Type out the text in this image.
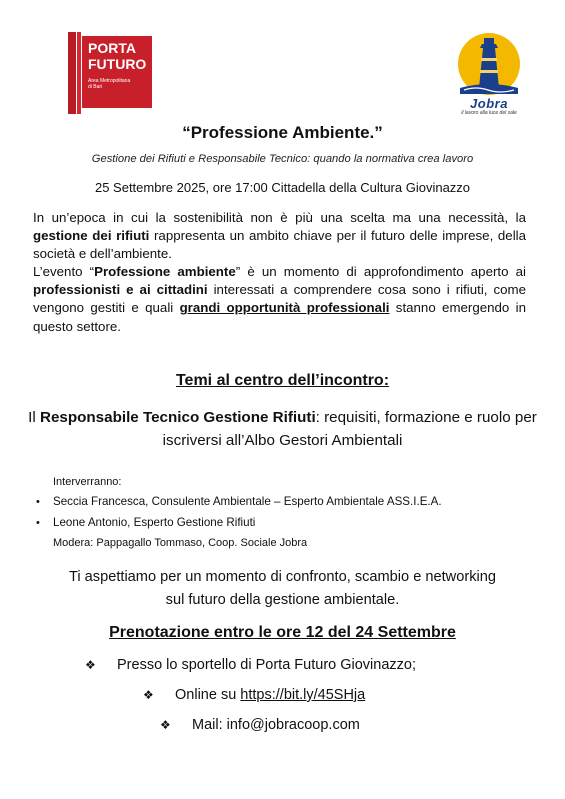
PORTA
FUTURO
Area Metropolitana
di Bari
Jobra
il lavoro alla luce del sale
“Professione Ambiente.”
Gestione dei Rifiuti e Responsabile Tecnico: quando la normativa crea lavoro
25 Settembre 2025, ore 17:00 Cittadella della Cultura Giovinazzo

In un’epoca in cui la sostenibilità non è più una scelta ma una necessità, la gestione dei rifiuti rappresenta un ambito chiave per il futuro delle imprese, della società e dell’ambiente.

L’evento “Professione ambiente” è un momento di approfondimento aperto ai professionisti e ai cittadini interessati a comprendere cosa sono i rifiuti, come vengono gestiti e quali grandi opportunità professionali stanno emergendo in questo settore.

Temi al centro dell’incontro:
Il Responsabile Tecnico Gestione Rifiuti: requisiti, formazione e ruolo per iscriversi all’Albo Gestori Ambientali
Interverranno:
• Seccia Francesca, Consulente Ambientale – Esperto Ambientale ASS.I.E.A.
• Leone Antonio, Esperto Gestione Rifiuti
Modera: Pappagallo Tommaso, Coop. Sociale Jobra
Ti aspettiamo per un momento di confronto, scambio e networking sul futuro della gestione ambientale.
Prenotazione entro le ore 12 del 24 Settembre
❖ Presso lo sportello di Porta Futuro Giovinazzo;
❖ Online su https://bit.ly/45SHja
❖ Mail: info@jobracoop.com
